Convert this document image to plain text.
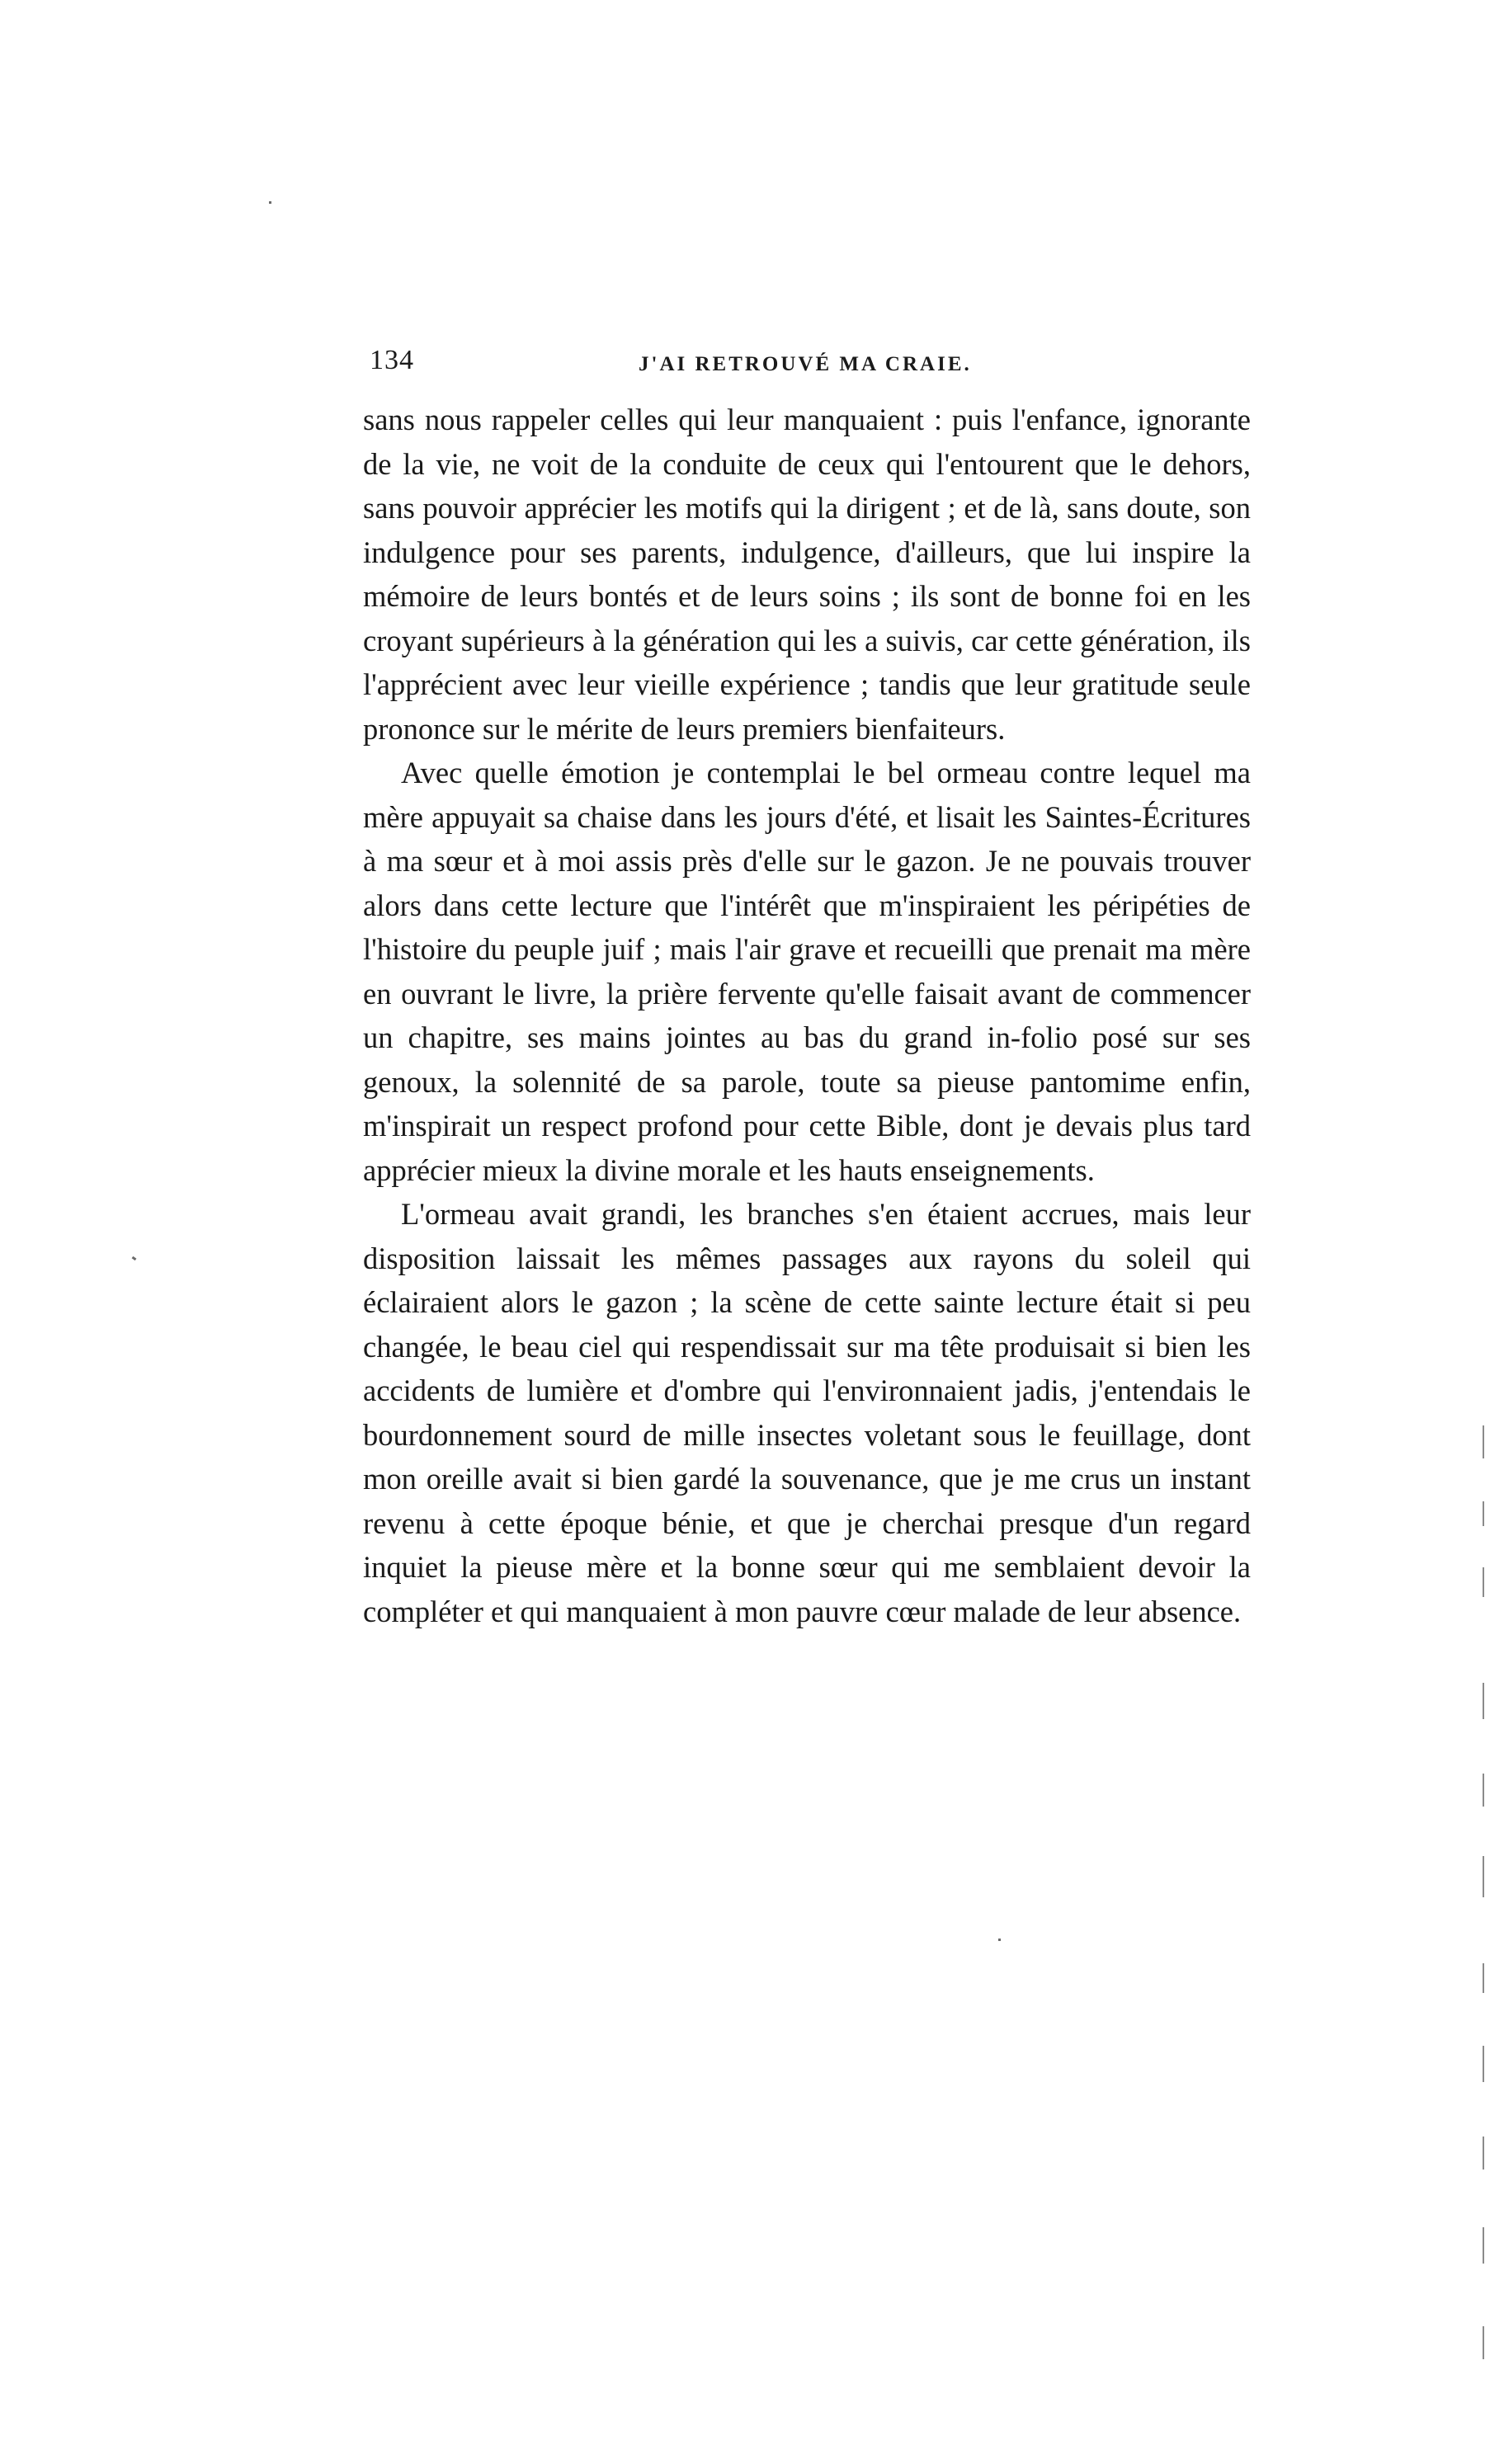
134	J'AI RETROUVÉ MA CRAIE.

sans nous rappeler celles qui leur manquaient : puis l'enfance, ignorante de la vie, ne voit de la conduite de ceux qui l'entourent que le dehors, sans pouvoir apprécier les motifs qui la dirigent ; et de là, sans doute, son indulgence pour ses parents, indulgence, d'ailleurs, que lui inspire la mémoire de leurs bontés et de leurs soins ; ils sont de bonne foi en les croyant supérieurs à la génération qui les a suivis, car cette génération, ils l'apprécient avec leur vieille expérience ; tandis que leur gratitude seule prononce sur le mérite de leurs premiers bienfaiteurs.

Avec quelle émotion je contemplai le bel ormeau contre lequel ma mère appuyait sa chaise dans les jours d'été, et lisait les Saintes-Écritures à ma sœur et à moi assis près d'elle sur le gazon. Je ne pouvais trouver alors dans cette lecture que l'intérêt que m'inspiraient les péripéties de l'histoire du peuple juif ; mais l'air grave et recueilli que prenait ma mère en ouvrant le livre, la prière fervente qu'elle faisait avant de commencer un chapitre, ses mains jointes au bas du grand in-folio posé sur ses genoux, la solennité de sa parole, toute sa pieuse pantomime enfin, m'inspirait un respect profond pour cette Bible, dont je devais plus tard apprécier mieux la divine morale et les hauts enseignements.

L'ormeau avait grandi, les branches s'en étaient accrues, mais leur disposition laissait les mêmes passages aux rayons du soleil qui éclairaient alors le gazon ; la scène de cette sainte lecture était si peu changée, le beau ciel qui respendissait sur ma tête produisait si bien les accidents de lumière et d'ombre qui l'environnaient jadis, j'entendais le bourdonnement sourd de mille insectes voletant sous le feuillage, dont mon oreille avait si bien gardé la souvenance, que je me crus un instant revenu à cette époque bénie, et que je cherchai presque d'un regard inquiet la pieuse mère et la bonne sœur qui me semblaient devoir la compléter et qui manquaient à mon pauvre cœur malade de leur absence.
